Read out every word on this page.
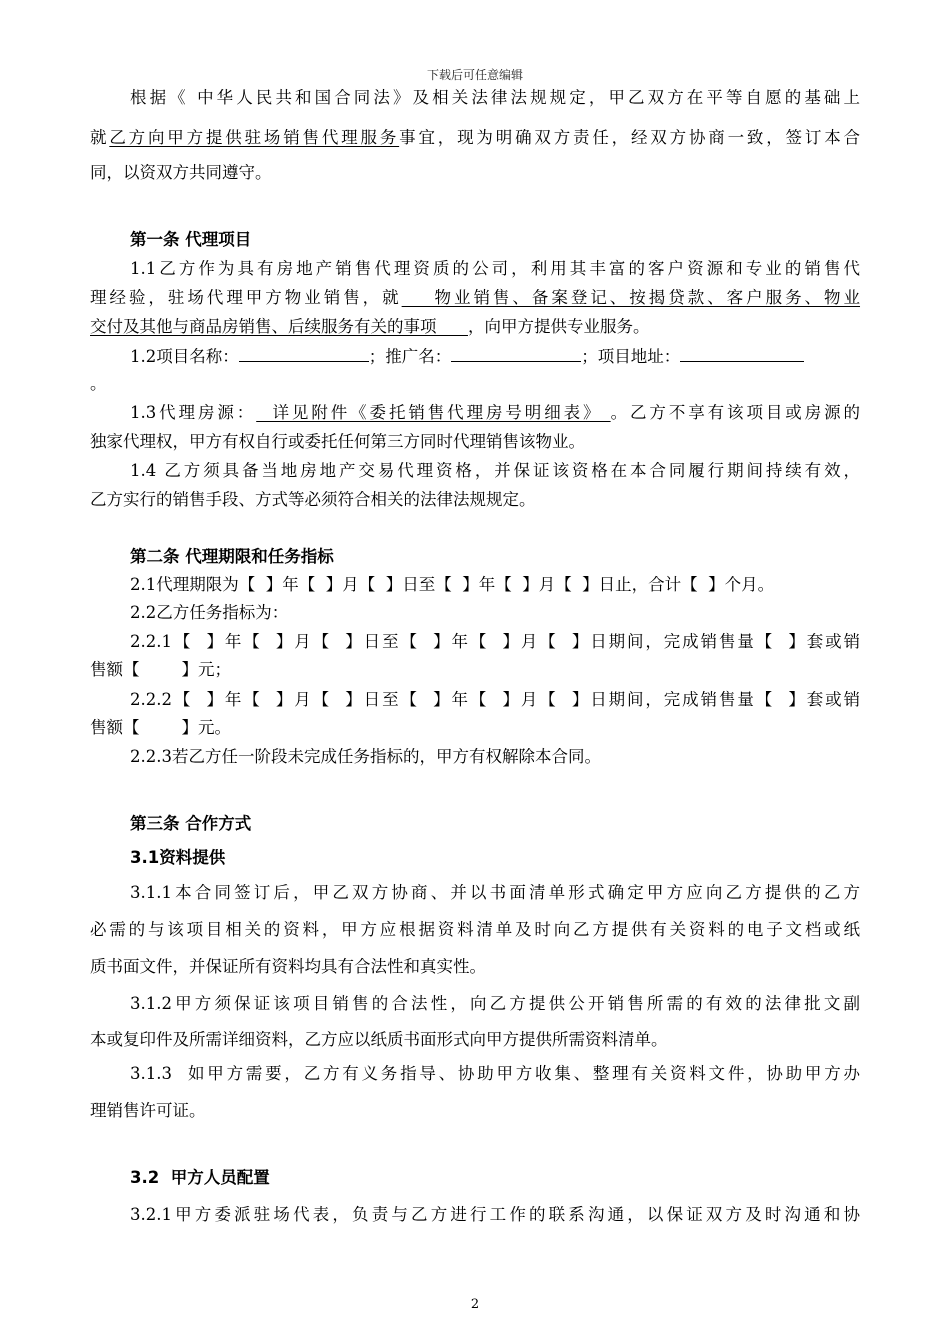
下载后可任意编辑
根据《 中华人民共和国合同法》及相关法律法规规定，甲乙双方在平等自愿的基础上
就乙方向甲方提供驻场销售代理服务事宜，现为明确双方责任，经双方协商一致，签订本合
同，以资双方共同遵守。
第一条 代理项目
1.1乙方作为具有房地产销售代理资质的公司，利用其丰富的客户资源和专业的销售代
理经验，驻场代理甲方物业销售，就    物业销售、备案登记、按揭贷款、客户服务、物业
交付及其他与商品房销售、后续服务有关的事项      ，向甲方提供专业服务。
1.2项目名称：	；推广名：	；项目地址：
。
1.3代理房源：  详见附件《委托销售代理房号明细表》 。乙方不享有该项目或房源的
独家代理权，甲方有权自行或委托任何第三方同时代理销售该物业。
1.4 乙方须具备当地房地产交易代理资格，并保证该资格在本合同履行期间持续有效，
乙方实行的销售手段、方式等必须符合相关的法律法规规定。
第二条 代理期限和任务指标
2.1代理期限为【  】年【  】月【  】日至【  】年【  】月【  】日止，合计【  】个月。
2.2乙方任务指标为：
2.2.1【  】年【  】月【  】日至【  】年【  】月【  】日期间，完成销售量【  】套或销
售额【        】元；
2.2.2【  】年【  】月【  】日至【  】年【  】月【  】日期间，完成销售量【  】套或销
售额【        】元。
2.2.3若乙方任一阶段未完成任务指标的，甲方有权解除本合同。
第三条 合作方式
3.1资料提供
3.1.1本合同签订后，甲乙双方协商、并以书面清单形式确定甲方应向乙方提供的乙方
必需的与该项目相关的资料，甲方应根据资料清单及时向乙方提供有关资料的电子文档或纸
质书面文件，并保证所有资料均具有合法性和真实性。
3.1.2甲方须保证该项目销售的合法性，向乙方提供公开销售所需的有效的法律批文副
本或复印件及所需详细资料，乙方应以纸质书面形式向甲方提供所需资料清单。
3.1.3  如甲方需要，乙方有义务指导、协助甲方收集、整理有关资料文件，协助甲方办
理销售许可证。
3.2  甲方人员配置
3.2.1甲方委派驻场代表，负责与乙方进行工作的联系沟通，以保证双方及时沟通和协
2
